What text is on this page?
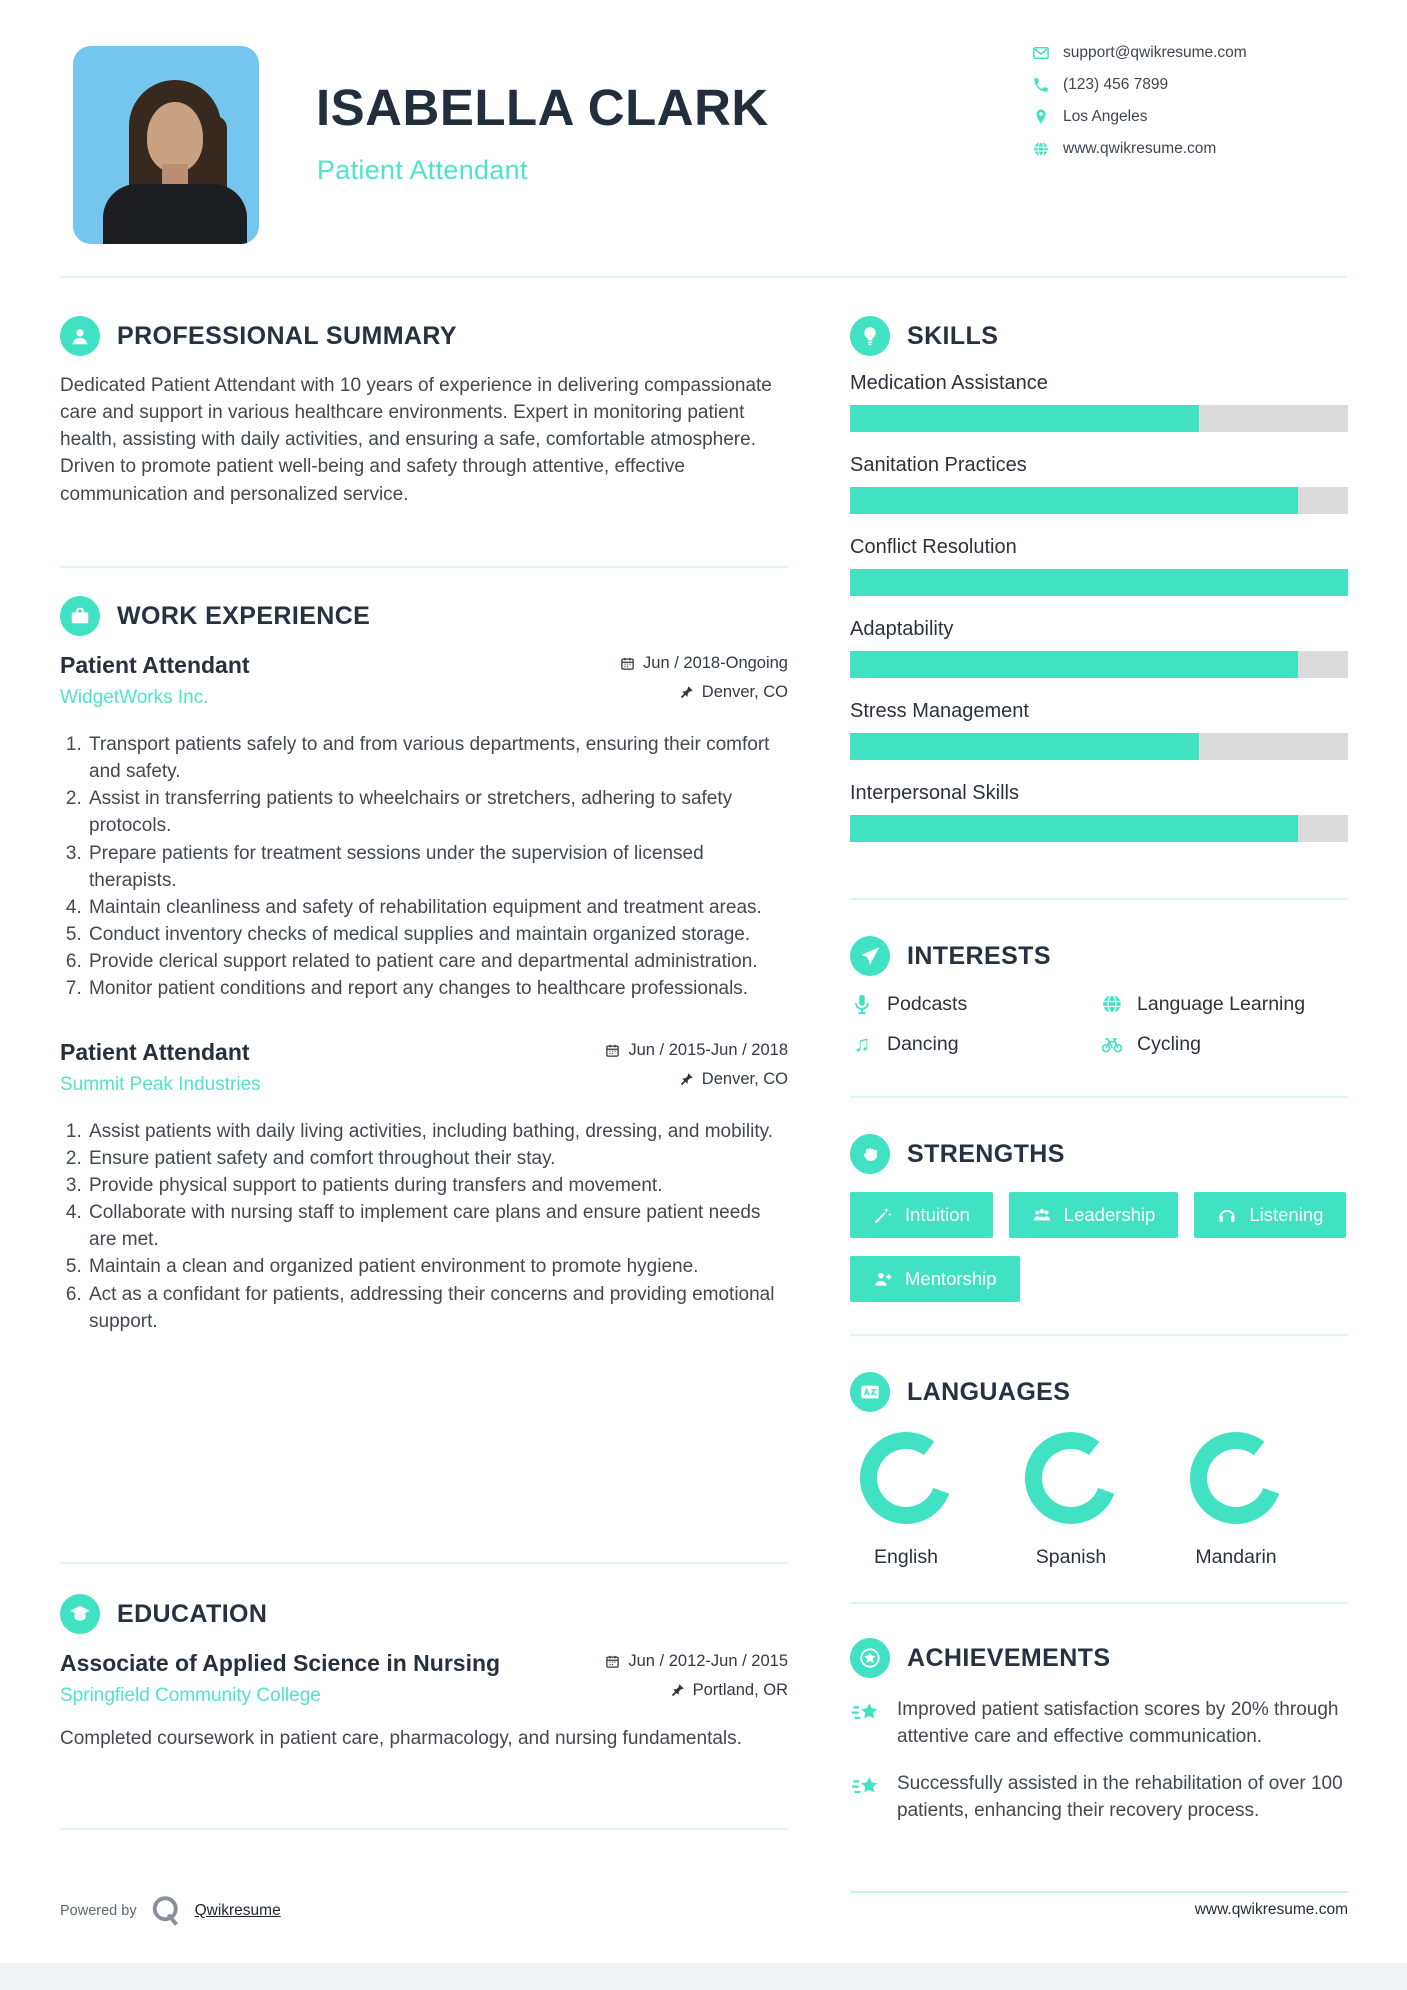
ISABELLA CLARK
Patient Attendant
support@qwikresume.com
(123) 456 7899
Los Angeles
www.qwikresume.com
PROFESSIONAL SUMMARY

Dedicated Patient Attendant with 10 years of experience in delivering compassionate care and support in various healthcare environments. Expert in monitoring patient health, assisting with daily activities, and ensuring a safe, comfortable atmosphere. Driven to promote patient well-being and safety through attentive, effective communication and personalized service.

WORK EXPERIENCE
Patient Attendant
WidgetWorks Inc.
Jun / 2018-Ongoing
Denver, CO
1. Transport patients safely to and from various departments, ensuring their comfort and safety.
2. Assist in transferring patients to wheelchairs or stretchers, adhering to safety protocols.
3. Prepare patients for treatment sessions under the supervision of licensed therapists.
4. Maintain cleanliness and safety of rehabilitation equipment and treatment areas.
5. Conduct inventory checks of medical supplies and maintain organized storage.
6. Provide clerical support related to patient care and departmental administration.
7. Monitor patient conditions and report any changes to healthcare professionals.
Patient Attendant
Summit Peak Industries
Jun / 2015-Jun / 2018
Denver, CO
1. Assist patients with daily living activities, including bathing, dressing, and mobility.
2. Ensure patient safety and comfort throughout their stay.
3. Provide physical support to patients during transfers and movement.
4. Collaborate with nursing staff to implement care plans and ensure patient needs are met.
5. Maintain a clean and organized patient environment to promote hygiene.
6. Act as a confidant for patients, addressing their concerns and providing emotional support.
EDUCATION
Associate of Applied Science in Nursing
Springfield Community College
Jun / 2012-Jun / 2015
Portland, OR

Completed coursework in patient care, pharmacology, and nursing fundamentals.

Powered by	Qwikresume
SKILLS
Medication Assistance
Sanitation Practices
Conflict Resolution
Adaptability
Stress Management
Interpersonal Skills
INTERESTS
Podcasts	Language Learning
♫ Dancing	Cycling
STRENGTHS
Intuition	Leadership	Listening
Mentorship
LANGUAGES
English	Spanish	Mandarin
ACHIEVEMENTS
Improved patient satisfaction scores by 20% through attentive care and effective communication.
Successfully assisted in the rehabilitation of over 100 patients, enhancing their recovery process.
www.qwikresume.com
